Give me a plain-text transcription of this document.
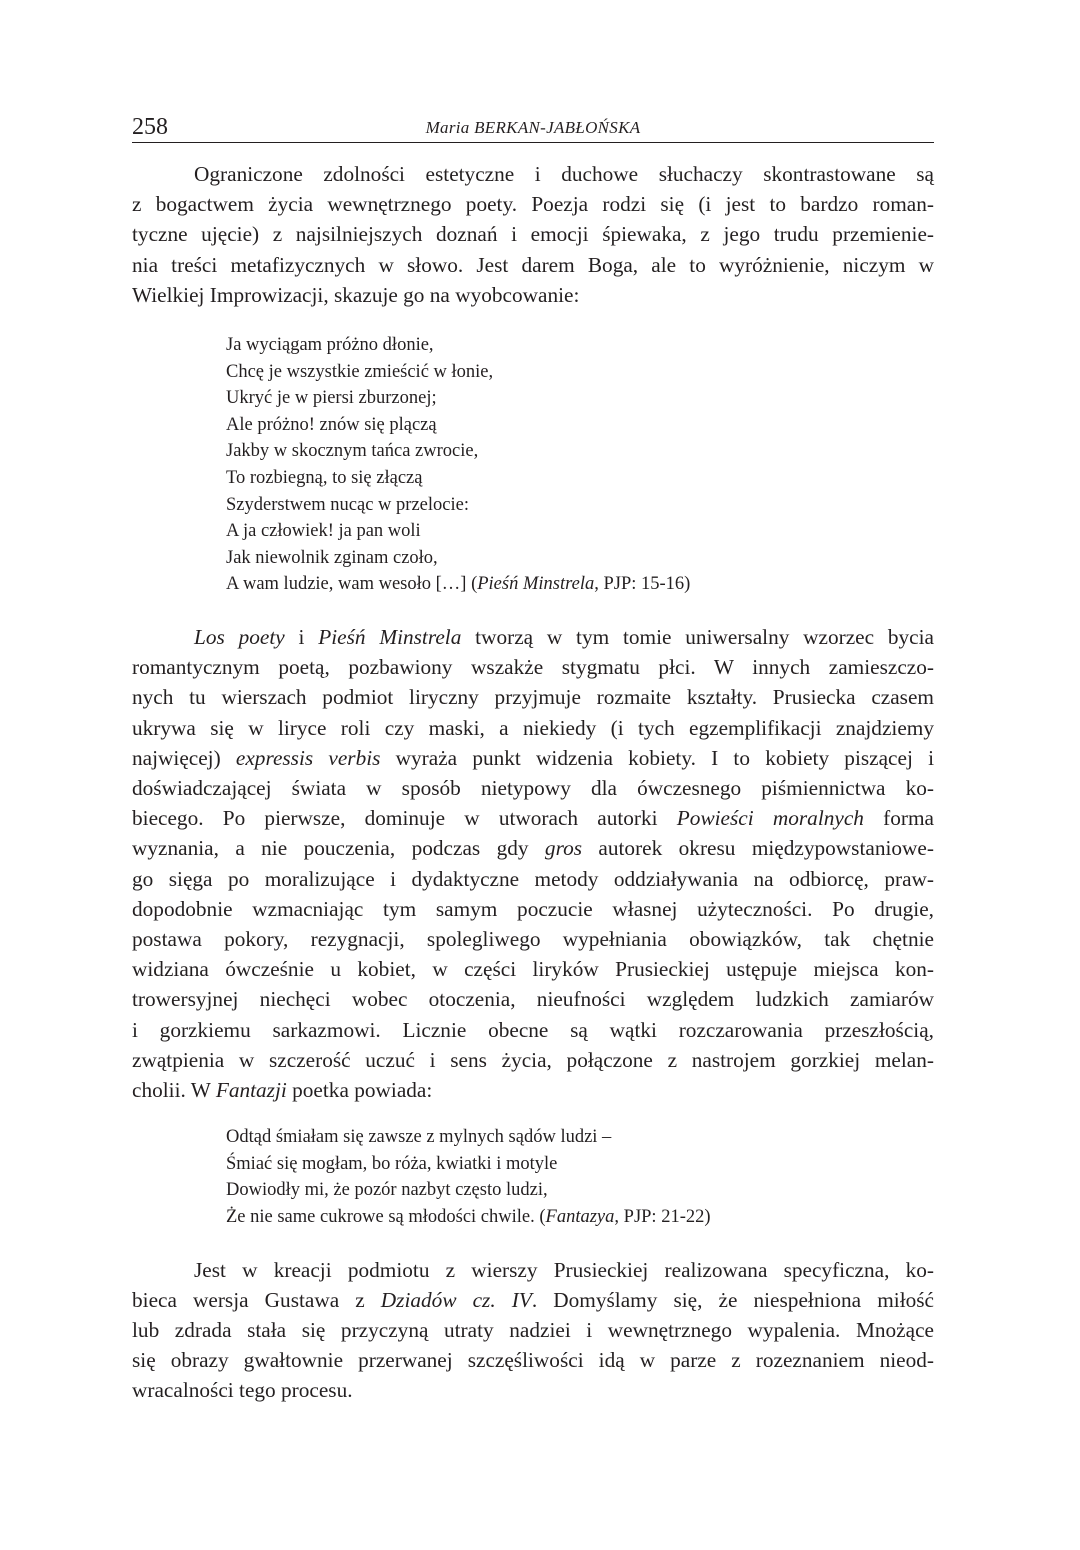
258	Maria BERKAN-JABŁOŃSKA

Ograniczone zdolności estetyczne i duchowe słuchaczy skontrastowane są
z bogactwem życia wewnętrznego poety. Poezja rodzi się (i jest to bardzo roman-
tyczne ujęcie) z najsilniejszych doznań i emocji śpiewaka, z jego trudu przemienie-
nia treści metafizycznych w słowo. Jest darem Boga, ale to wyróżnienie, niczym w
Wielkiej Improwizacji, skazuje go na wyobcowanie:

Ja wyciągam próżno dłonie,
Chcę je wszystkie zmieścić w łonie,
Ukryć je w piersi zburzonej;
Ale próżno! znów się plączą
Jakby w skocznym tańca zwrocie,
To rozbiegną, to się złączą
Szyderstwem nucąc w przelocie:
A ja człowiek! ja pan woli
Jak niewolnik zginam czoło,
A wam ludzie, wam wesoło […] (Pieśń Minstrela, PJP: 15-16)

Los poety i Pieśń Minstrela tworzą w tym tomie uniwersalny wzorzec bycia
romantycznym poetą, pozbawiony wszakże stygmatu płci. W innych zamieszczo-
nych tu wierszach podmiot liryczny przyjmuje rozmaite kształty. Prusiecka czasem
ukrywa się w liryce roli czy maski, a niekiedy (i tych egzemplifikacji znajdziemy
najwięcej) expressis verbis wyraża punkt widzenia kobiety. I to kobiety piszącej i
doświadczającej świata w sposób nietypowy dla ówczesnego piśmiennictwa ko-
biecego. Po pierwsze, dominuje w utworach autorki Powieści moralnych forma
wyznania, a nie pouczenia, podczas gdy gros autorek okresu międzypowstaniowe-
go sięga po moralizujące i dydaktyczne metody oddziaływania na odbiorcę, praw-
dopodobnie wzmacniając tym samym poczucie własnej użyteczności. Po drugie,
postawa pokory, rezygnacji, spolegliwego wypełniania obowiązków, tak chętnie
widziana ówcześnie u kobiet, w części liryków Prusieckiej ustępuje miejsca kon-
trowersyjnej niechęci wobec otoczenia, nieufności względem ludzkich zamiarów
i gorzkiemu sarkazmowi. Licznie obecne są wątki rozczarowania przeszłością,
zwątpienia w szczerość uczuć i sens życia, połączone z nastrojem gorzkiej melan-
cholii. W Fantazji poetka powiada:

Odtąd śmiałam się zawsze z mylnych sądów ludzi –
Śmiać się mogłam, bo róża, kwiatki i motyle
Dowiodły mi, że pozór nazbyt często ludzi,
Że nie same cukrowe są młodości chwile. (Fantazya, PJP: 21-22)

Jest w kreacji podmiotu z wierszy Prusieckiej realizowana specyficzna, ko-
bieca wersja Gustawa z Dziadów cz. IV. Domyślamy się, że niespełniona miłość
lub zdrada stała się przyczyną utraty nadziei i wewnętrznego wypalenia. Mnożące
się obrazy gwałtownie przerwanej szczęśliwości idą w parze z rozeznaniem nieod-
wracalności tego procesu.
